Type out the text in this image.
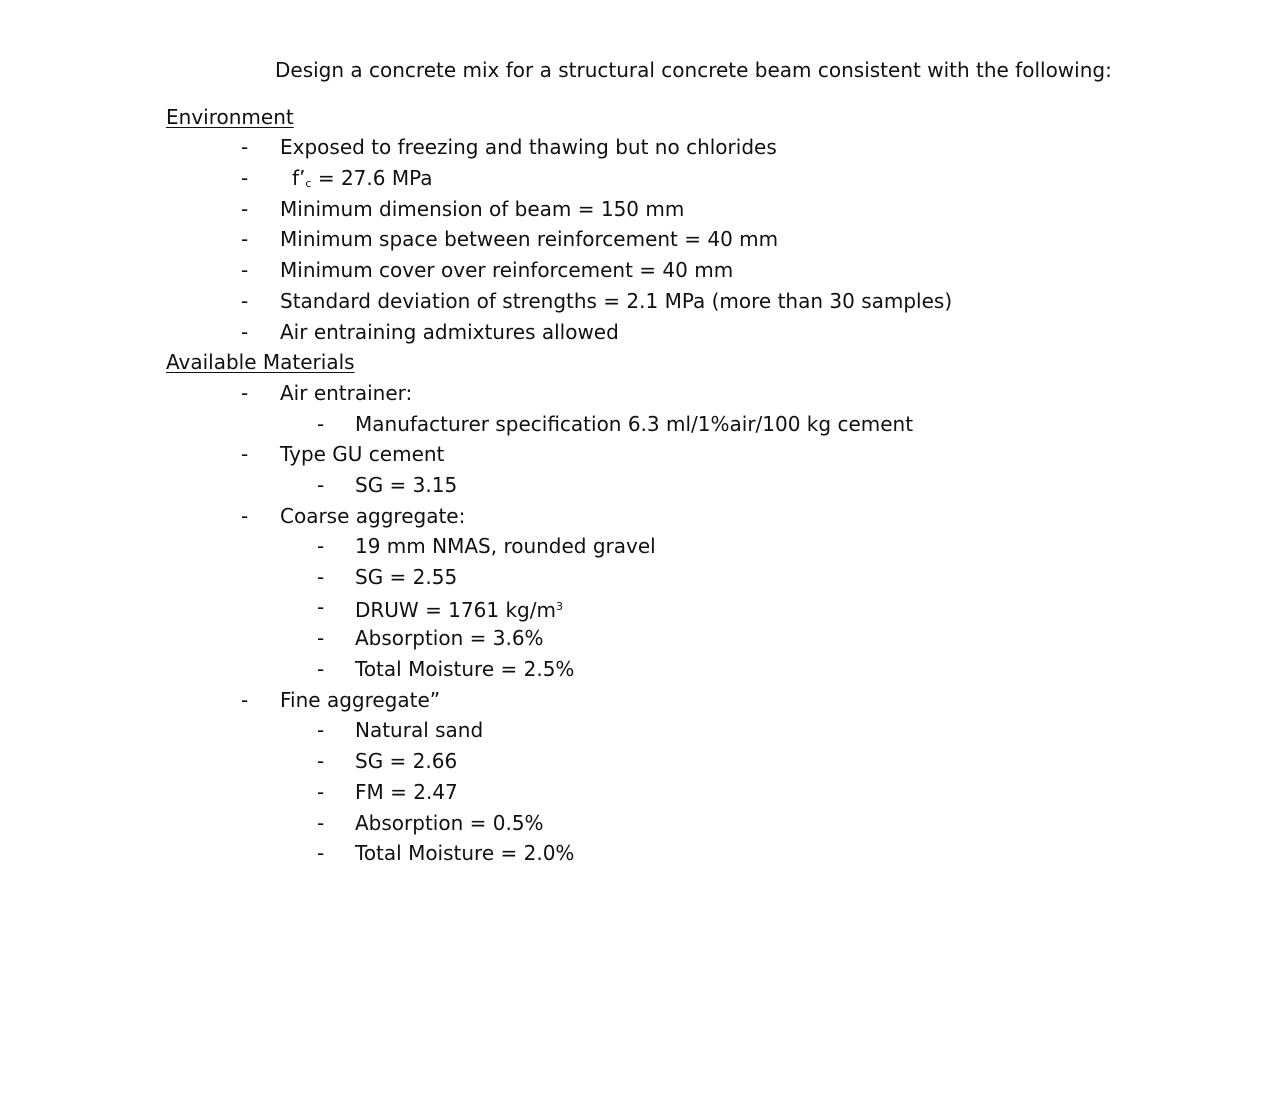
Design a concrete mix for a structural concrete beam consistent with the following:
Environment
- Exposed to freezing and thawing but no chlorides
- $f’_c = 27.6$ MPa
- Minimum dimension of beam = 150 mm
- Minimum space between reinforcement = 40 mm
- Minimum cover over reinforcement = 40 mm
- Standard deviation of strengths = 2.1 MPa (more than 30 samples)
- Air entraining admixtures allowed
Available Materials
- Air entrainer:
- Manufacturer specification 6.3 ml/1%air/100 kg cement
- Type GU cement
- SG = 3.15
- Coarse aggregate:
- 19 mm NMAS, rounded gravel
- SG = 2.55
- DRUW = 1761 $kg/m^3$
- Absorption = 3.6%
- Total Moisture = 2.5%
- Fine aggregate”
- Natural sand
- SG = 2.66
- FM = 2.47
- Absorption = 0.5%
- Total Moisture = 2.0%
